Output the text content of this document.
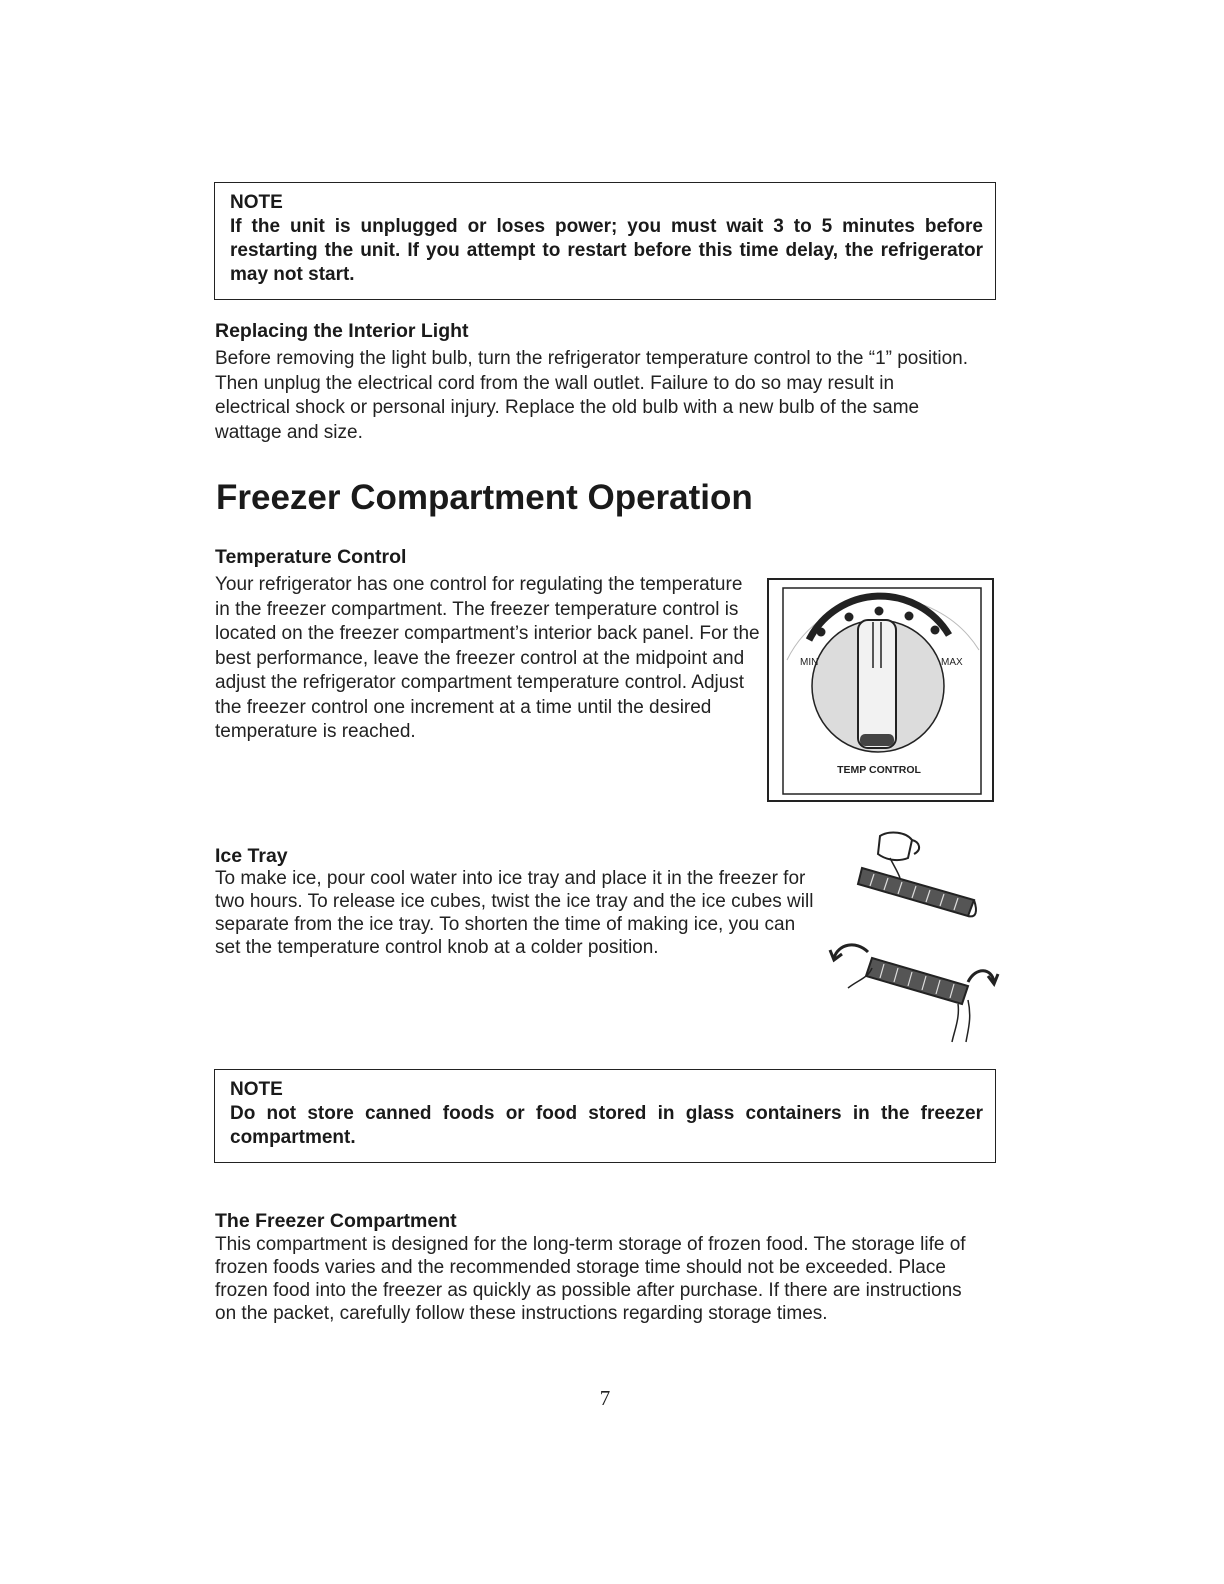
NOTE
If the unit is unplugged or loses power; you must wait 3 to 5 minutes before restarting the unit. If you attempt to restart before this time delay, the refrigerator may not start.
Replacing the Interior Light

Before removing the light bulb, turn the refrigerator temperature control to the “1” position. Then unplug the electrical cord from the wall outlet. Failure to do so may result in electrical shock or personal injury. Replace the old bulb with a new bulb of the same wattage and size.

Freezer Compartment Operation
Temperature Control

Your refrigerator has one control for regulating the temperature in the freezer compartment. The freezer temperature control is located on the freezer compartment’s interior back panel. For the best performance, leave the freezer control at the midpoint and adjust the refrigerator compartment temperature control. Adjust the freezer control one increment at a time until the desired temperature is reached.

MIN	MAX
TEMP CONTROL
Ice Tray

To make ice, pour cool water into ice tray and place it in the freezer for two hours. To release ice cubes, twist the ice tray and the ice cubes will separate from the ice tray. To shorten the time of making ice, you can set the temperature control knob at a colder position.

NOTE
Do not store canned foods or food stored in glass containers in the freezer compartment.
The Freezer Compartment

This compartment is designed for the long-term storage of frozen food. The storage life of frozen foods varies and the recommended storage time should not be exceeded. Place frozen food into the freezer as quickly as possible after purchase. If there are instructions on the packet, carefully follow these instructions regarding storage times.

7
